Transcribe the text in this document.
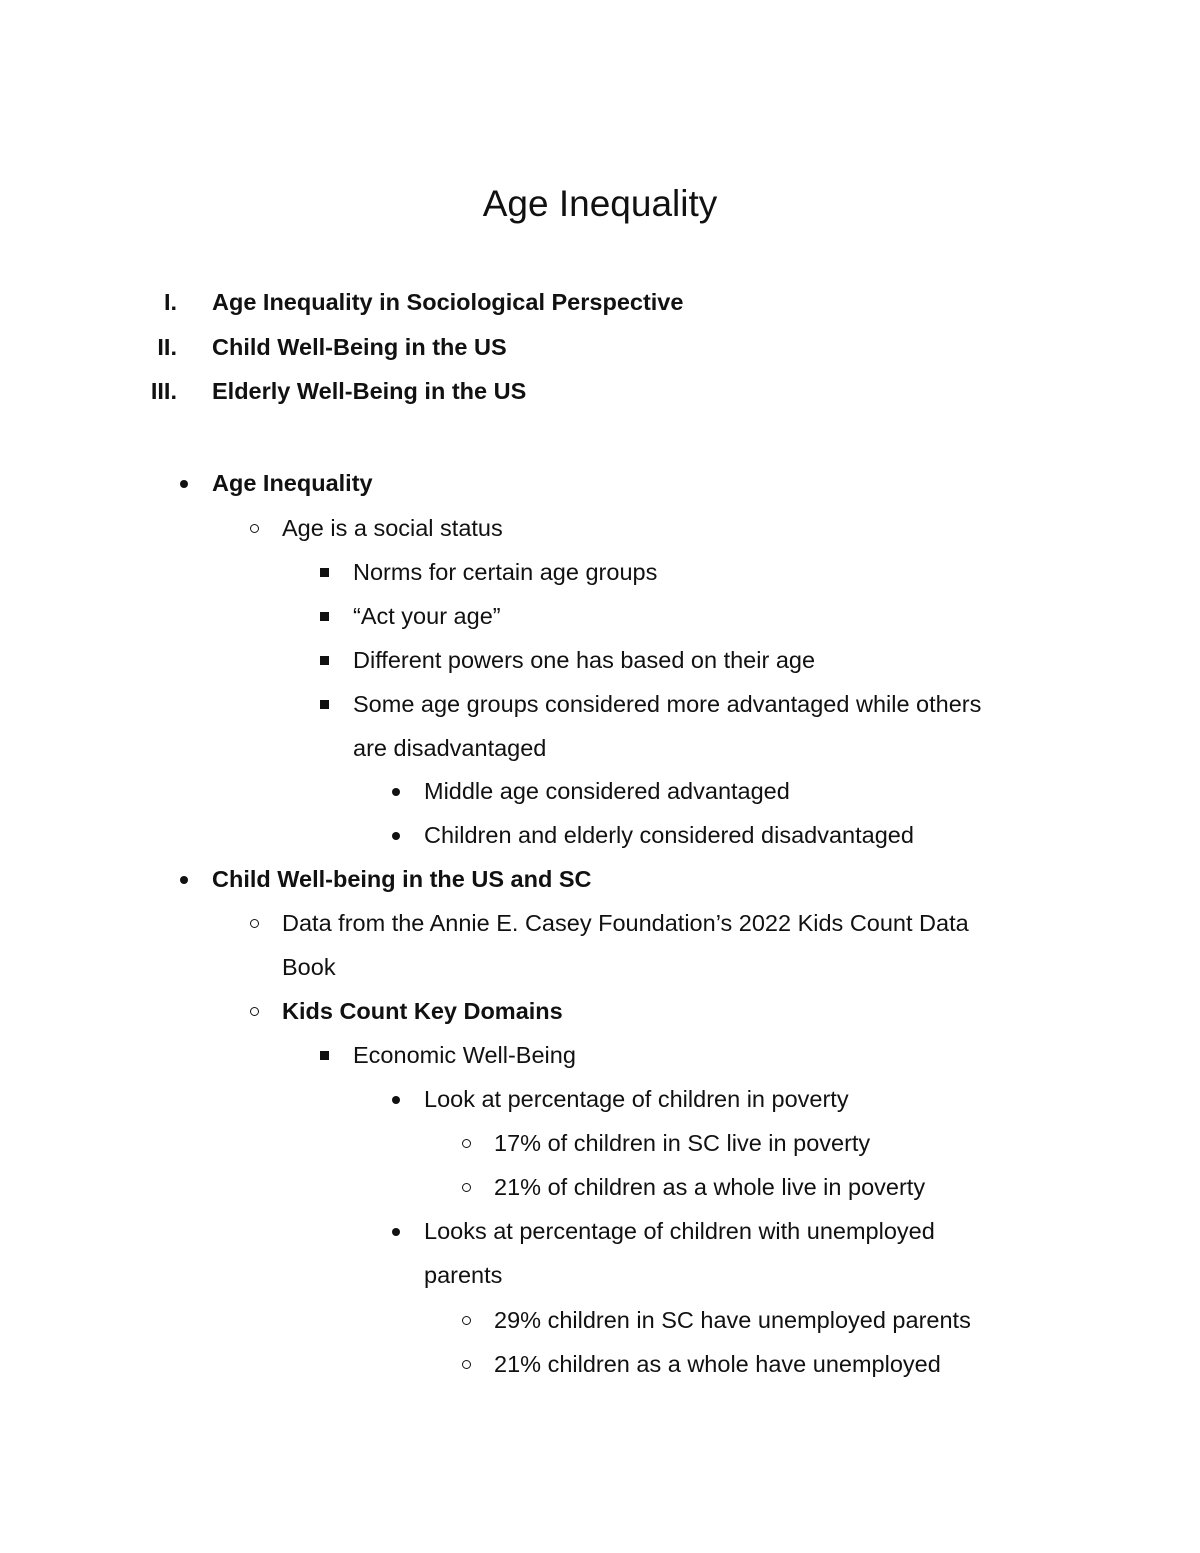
Age Inequality
I. Age Inequality in Sociological Perspective
II. Child Well-Being in the US
III. Elderly Well-Being in the US
Age Inequality
Age is a social status
Norms for certain age groups
“Act your age”
Different powers one has based on their age
Some age groups considered more advantaged while others
are disadvantaged
Middle age considered advantaged
Children and elderly considered disadvantaged
Child Well-being in the US and SC
Data from the Annie E. Casey Foundation’s 2022 Kids Count Data
Book
Kids Count Key Domains
Economic Well-Being
Look at percentage of children in poverty
17% of children in SC live in poverty
21% of children as a whole live in poverty
Looks at percentage of children with unemployed
parents
29% children in SC have unemployed parents
21% children as a whole have unemployed
